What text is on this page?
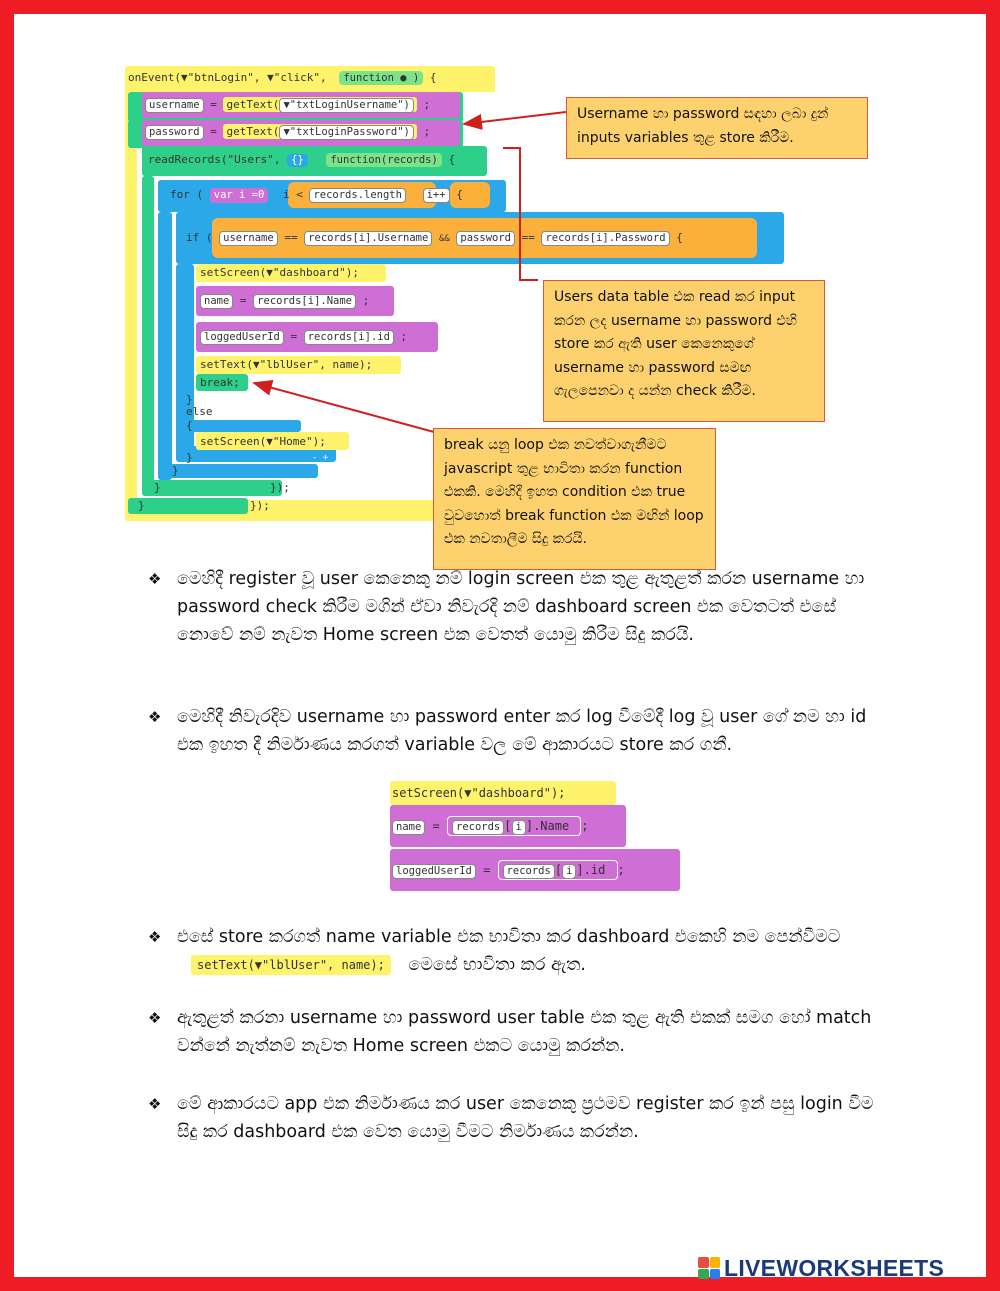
onEvent(▼"btnLogin", ▼"click", function ● ) {
username = getText( ▼"txtLoginUsername") ;
password = getText( ▼"txtLoginPassword") ;
readRecords("Users", {}	function(records) {
for ( var i =0 i < records.length i++ {
if ( username == records[i].Username && password == records[i].Password {
setScreen(▼"dashboard");
name = records[i].Name ;
loggedUserId = records[i].id ;
setText(▼"lblUser", name);
break;
}
else
{
setScreen(▼"Home");
}	- +
}
}	});
}	});
Username හා password සඳහා ලබා දුන් inputs variables තුළ store කිරීම.
Users data table එක read කර input කරන ලද username හා password එහි store කර ඇති user කෙනෙකුගේ username හා password සමඟ ගැලපෙනවා ද යන්න check කිරීම.
break යනු loop එක නවත්වාගැනීමට javascript තුළ භාවිතා කරන function එකකි. මෙහිදී ඉහත condition එක true වුවහොත් break function එක මඟින් loop එක නවතාලීම සිදු කරයි.
❖ මෙහිදී register වූ user කෙනෙකු නම් login screen එක තුළ ඇතුළත් කරන username හා password check කිරීම මගින් ඒවා නිවැරදි නම් dashboard screen එක වෙතටත් එසේ නොවේ නම් නැවත Home screen එක වෙතත් යොමු කිරීම සිදු කරයි.
❖ මෙහිදී නිවැරදිව username හා password enter කර log වීමේදී log වූ user ගේ නම හා id එක ඉහත දී නිර්මාණය කරගත් variable වල මේ ආකාරයට store කර ගනී.
setScreen(▼"dashboard");
name = records [ i ].Name ;
loggedUserId = records [ i ].id ;
❖ එසේ store කරගත් name variable එක භාවිතා කර dashboard එකෙහි නම පෙන්වීමට setText(▼"lblUser", name); මෙසේ භාවිතා කර ඇත.
❖ ඇතුළත් කරනා username හා password user table එක තුළ ඇති එකක් සමග හෝ match වන්නේ නැත්නම් නැවත Home screen එකට යොමු කරන්න.
❖ මේ ආකාරයට app එක නිර්මාණය කර user කෙනෙකු ප්‍රථමව register කර ඉන් පසු login වීම සිදු කර dashboard එක වෙත යොමු වීමට නිර්මාණය කරන්න.
LIVEWORKSHEETS
